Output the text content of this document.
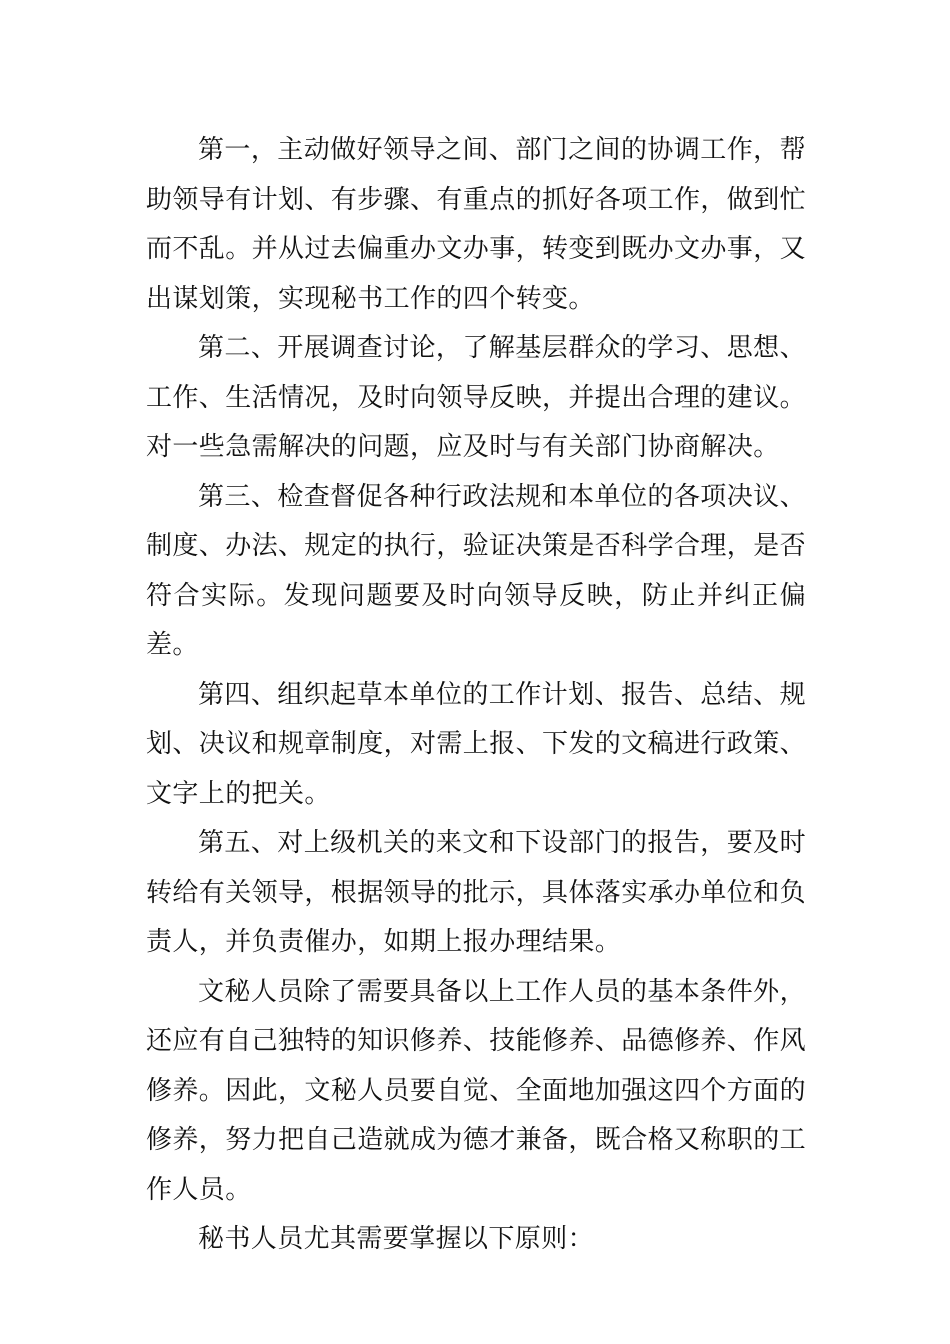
第一，主动做好领导之间、部门之间的协调工作，帮助领导有计划、有步骤、有重点的抓好各项工作，做到忙而不乱。并从过去偏重办文办事，转变到既办文办事，又出谋划策，实现秘书工作的四个转变。

第二、开展调查讨论，了解基层群众的学习、思想、工作、生活情况，及时向领导反映，并提出合理的建议。对一些急需解决的问题，应及时与有关部门协商解决。

第三、检查督促各种行政法规和本单位的各项决议、制度、办法、规定的执行，验证决策是否科学合理，是否符合实际。发现问题要及时向领导反映，防止并纠正偏差。

第四、组织起草本单位的工作计划、报告、总结、规划、决议和规章制度，对需上报、下发的文稿进行政策、文字上的把关。

第五、对上级机关的来文和下设部门的报告，要及时转给有关领导，根据领导的批示，具体落实承办单位和负责人，并负责催办，如期上报办理结果。

文秘人员除了需要具备以上工作人员的基本条件外，还应有自己独特的知识修养、技能修养、品德修养、作风修养。因此，文秘人员要自觉、全面地加强这四个方面的修养，努力把自己造就成为德才兼备，既合格又称职的工作人员。

秘书人员尤其需要掌握以下原则：
